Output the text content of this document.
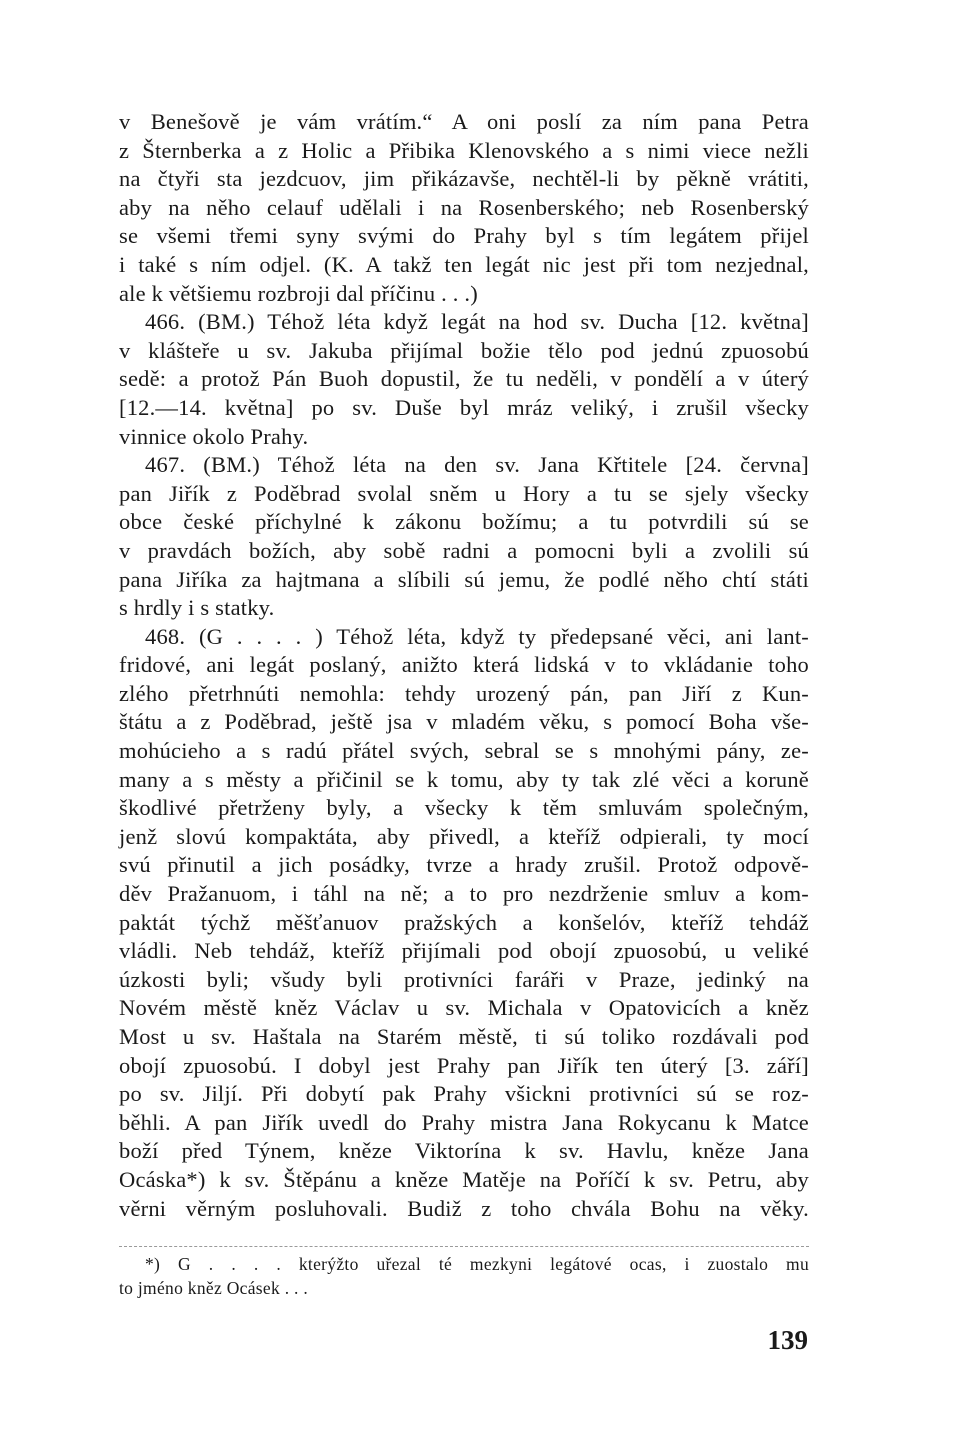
v Benešově je vám vrátím.“ A oni poslí za ním pana Petra
z Šternberka a z Holic a Přibika Klenovského a s nimi viece nežli
na čtyři sta jezdcuov, jim přikázavše, nechtěl-li by pěkně vrátiti,
aby na něho celauf udělali i na Rosenberského; neb Rosenberský
se všemi třemi syny svými do Prahy byl s tím legátem přijel
i také s ním odjel. (K. A takž ten legát nic jest při tom nezjednal,
ale k většiemu rozbroji dal příčinu . . .)
466. (BM.) Téhož léta když legát na hod sv. Ducha [12. května]
v klášteře u sv. Jakuba přijímal božie tělo pod jednú zpuosobú
sedě: a protož Pán Buoh dopustil, že tu neděli, v pondělí a v úterý
[12.—14. května] po sv. Duše byl mráz veliký, i zrušil všecky
vinnice okolo Prahy.
467. (BM.) Téhož léta na den sv. Jana Křtitele [24. června]
pan Jiřík z Poděbrad svolal sněm u Hory a tu se sjely všecky
obce české příchylné k zákonu božímu; a tu potvrdili sú se
v pravdách božích, aby sobě radni a pomocni byli a zvolili sú
pana Jiříka za hajtmana a slíbili sú jemu, že podlé něho chtí státi
s hrdly i s statky.
468. (G . . . . ) Téhož léta, když ty předepsané věci, ani lant-
fridové, ani legát poslaný, anižto která lidská v to vkládanie toho
zlého přetrhnúti nemohla: tehdy urozený pán, pan Jiří z Kun-
štátu a z Poděbrad, ještě jsa v mladém věku, s pomocí Boha vše-
mohúcieho a s radú přátel svých, sebral se s mnohými pány, ze-
many a s městy a přičinil se k tomu, aby ty tak zlé věci a koruně
škodlivé přetrženy byly, a všecky k těm smluvám společným,
jenž slovú kompaktáta, aby přivedl, a kteříž odpierali, ty mocí
svú přinutil a jich posádky, tvrze a hrady zrušil. Protož odpově-
děv Pražanuom, i táhl na ně; a to pro nezdrženie smluv a kom-
paktát týchž měšťanuov pražských a konšelóv, kteříž tehdáž
vládli. Neb tehdáž, kteříž přijímali pod obojí zpuosobú, u veliké
úzkosti byli; všudy byli protivníci faráři v Praze, jedinký na
Novém městě kněz Václav u sv. Michala v Opatovicích a kněz
Most u sv. Haštala na Starém městě, ti sú toliko rozdávali pod
obojí zpuosobú. I dobyl jest Prahy pan Jiřík ten úterý [3. září]
po sv. Jiljí. Při dobytí pak Prahy všickni protivníci sú se roz-
běhli. A pan Jiřík uvedl do Prahy mistra Jana Rokycanu k Matce
boží před Týnem, kněze Viktorína k sv. Havlu, kněze Jana
Ocáska*) k sv. Štěpánu a kněze Matěje na Poříčí k sv. Petru, aby
věrni věrným posluhovali. Budiž z toho chvála Bohu na věky.
*) G . . . . kterýžto uřezal té mezkyni legátové ocas, i zuostalo mu
to jméno kněz Ocásek . . .
139
